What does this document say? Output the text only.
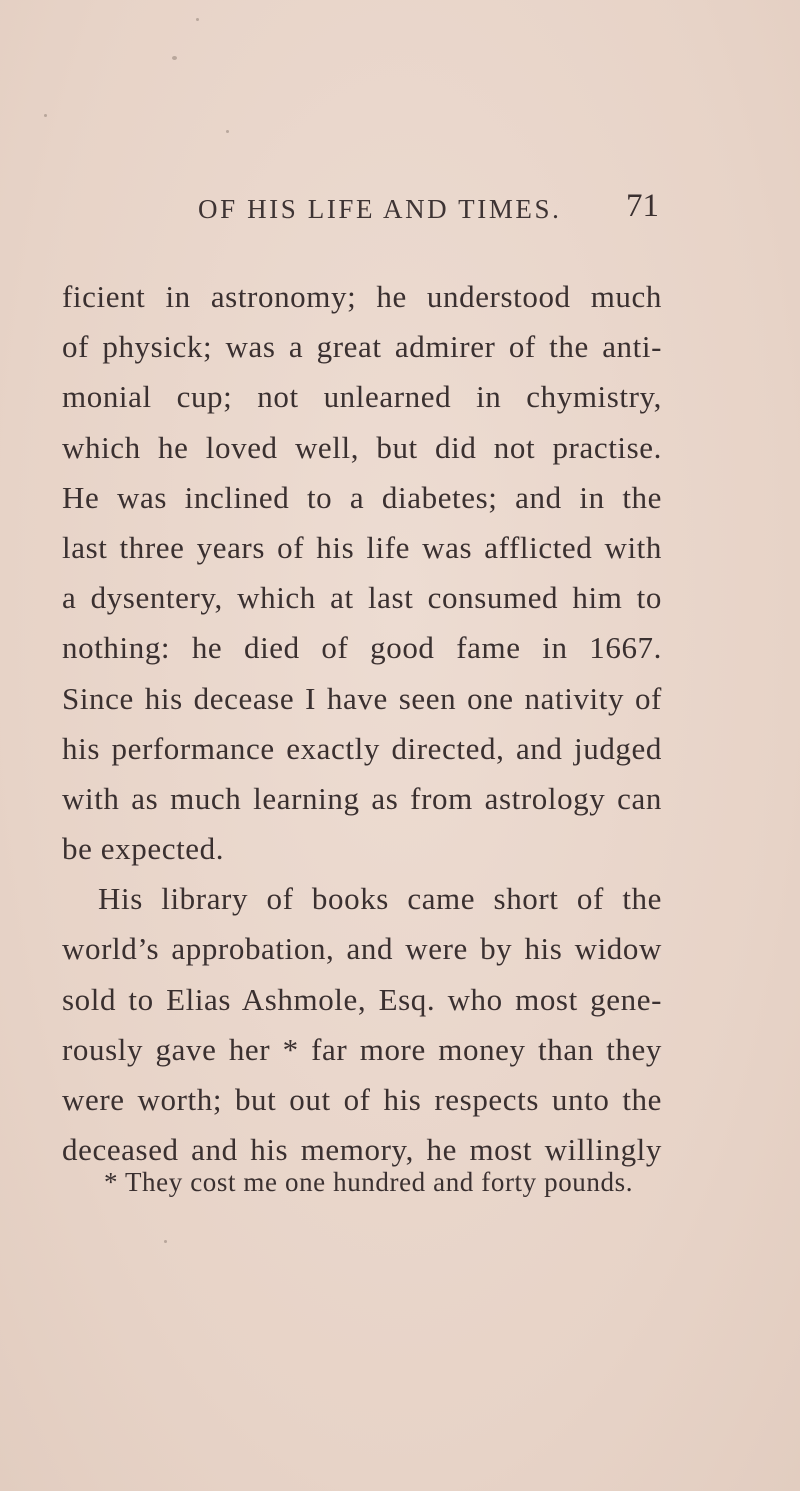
OF HIS LIFE AND TIMES. 71
ficient in astronomy; he understood much
of physick; was a great admirer of the anti-
monial cup; not unlearned in chymistry,
which he loved well, but did not practise.
He was inclined to a diabetes; and in the
last three years of his life was afflicted with
a dysentery, which at last consumed him to
nothing: he died of good fame in 1667.
Since his decease I have seen one nativity of
his performance exactly directed, and judged
with as much learning as from astrology can
be expected.
His library of books came short of the
world’s approbation, and were by his widow
sold to Elias Ashmole, Esq. who most gene-
rously gave her * far more money than they
were worth; but out of his respects unto the
deceased and his memory, he most willingly
* They cost me one hundred and forty pounds.
